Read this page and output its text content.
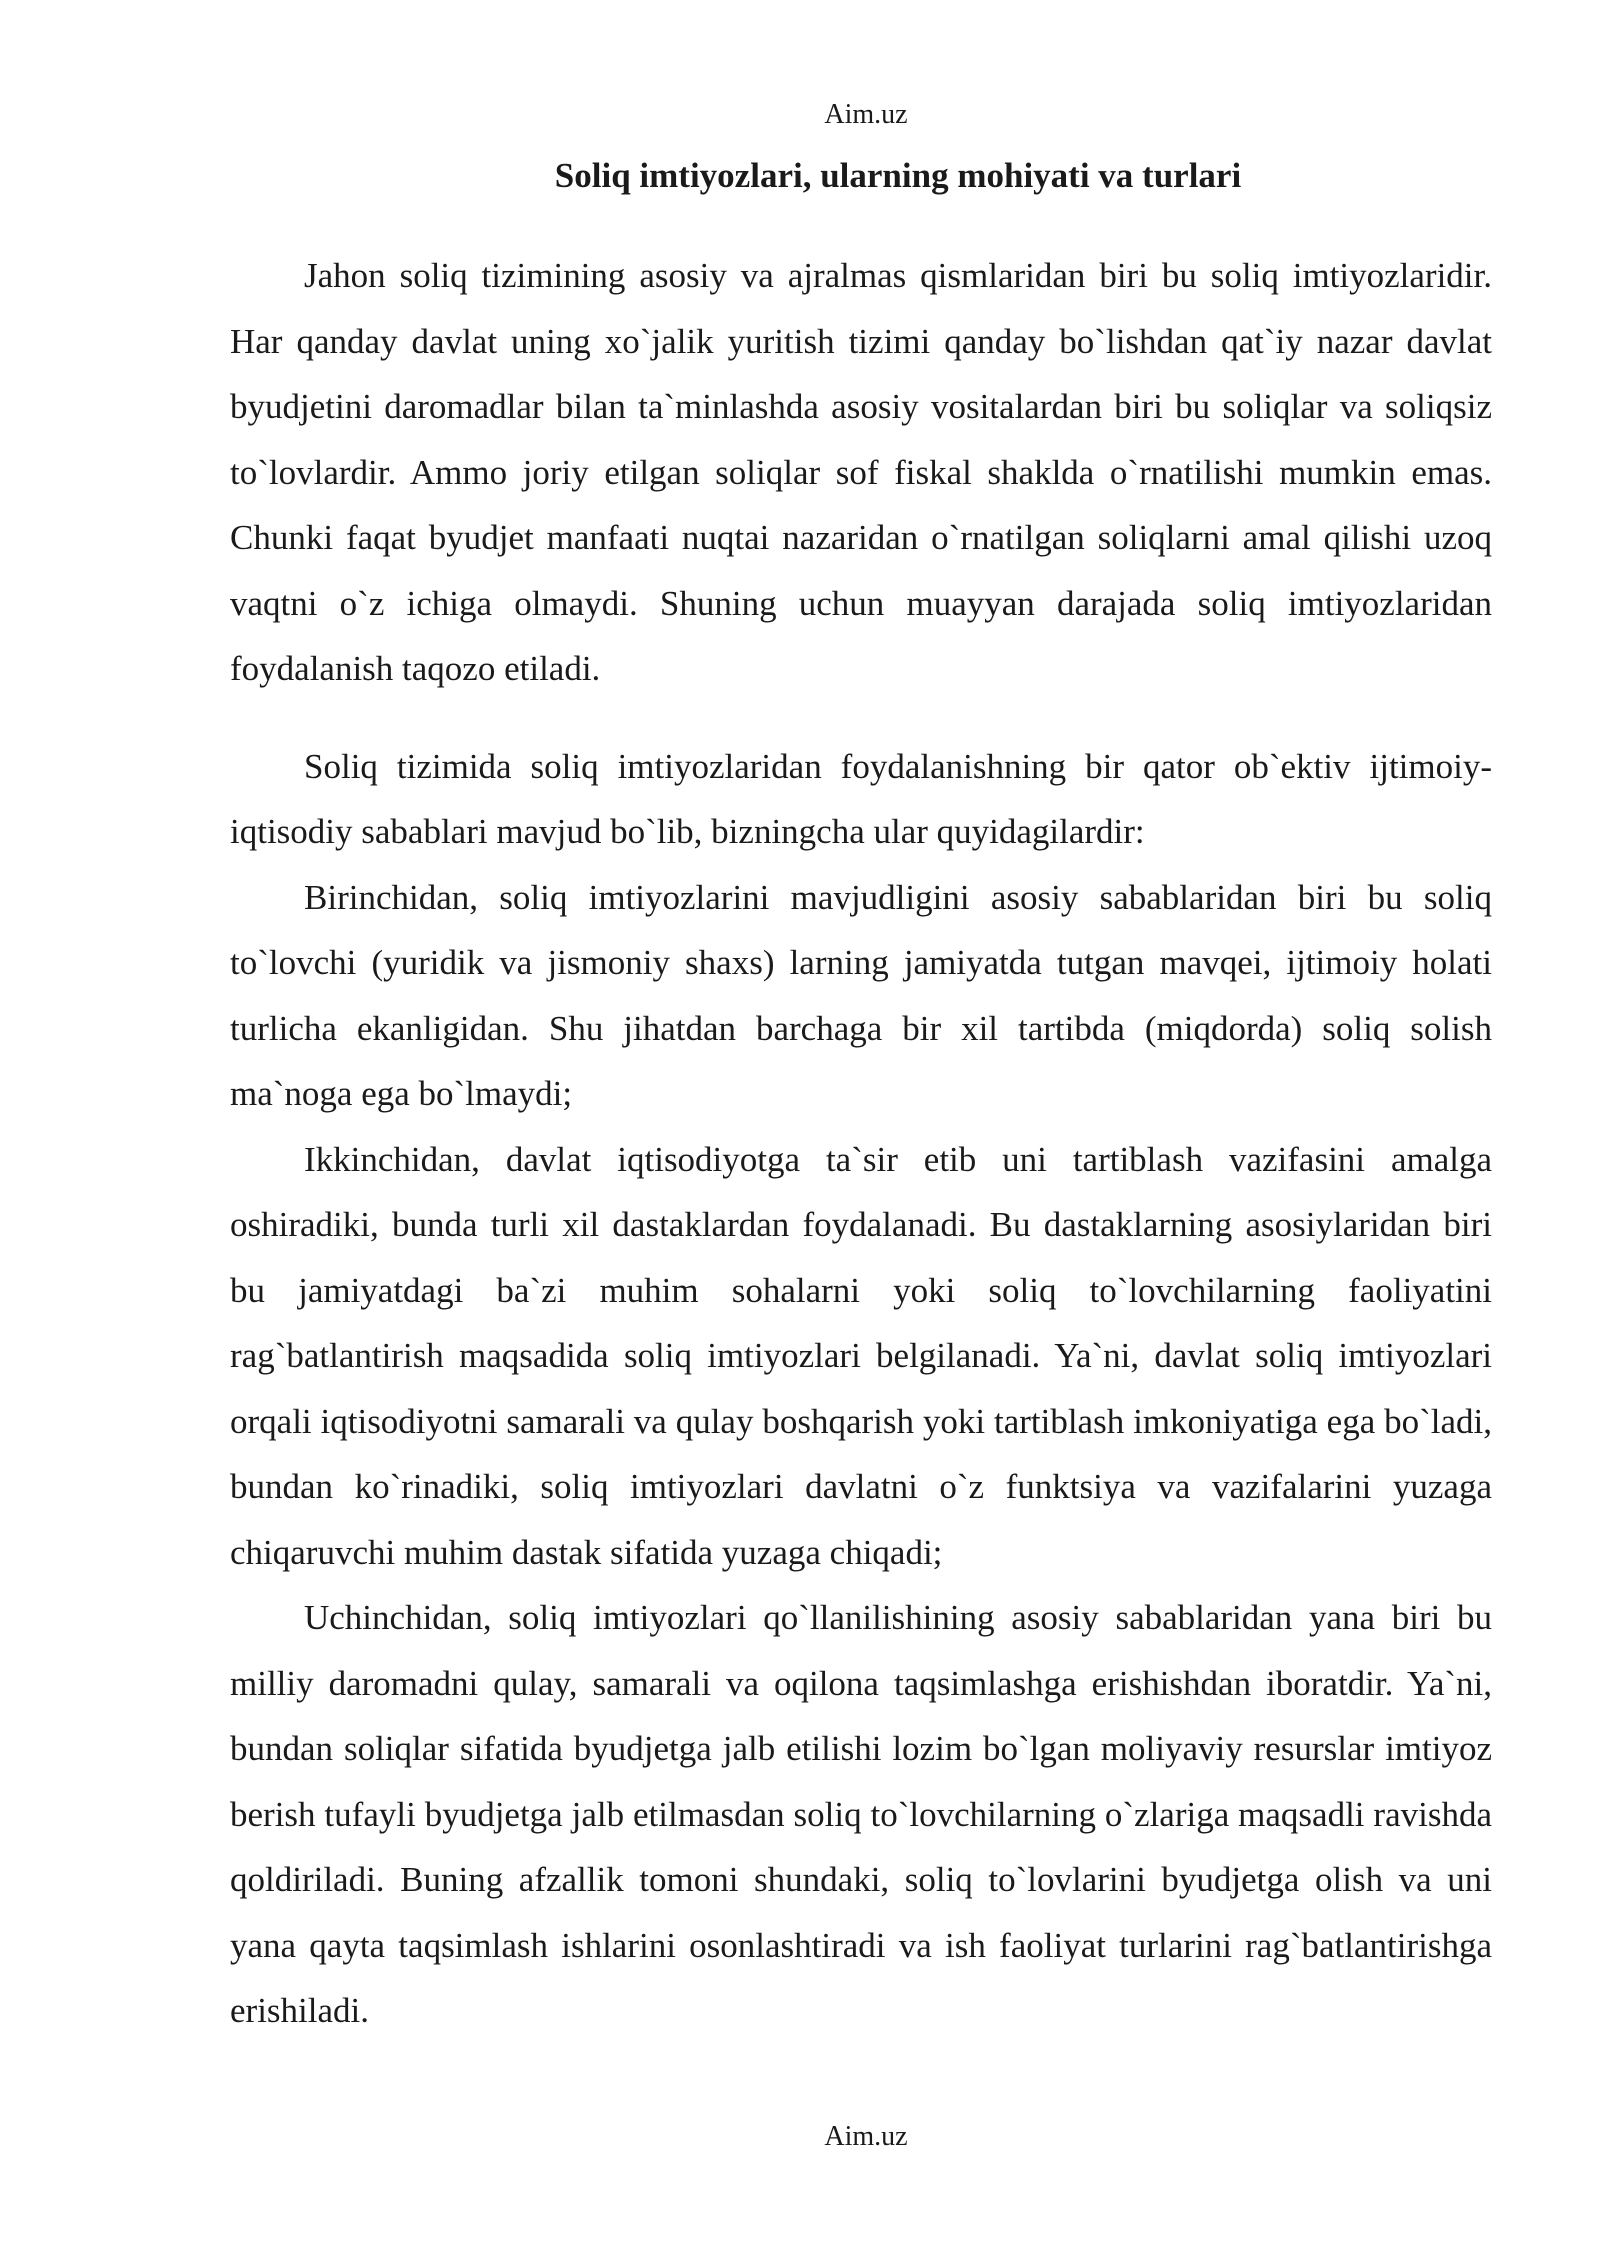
Aim.uz
Soliq imtiyozlari, ularning mohiyati va turlari

Jahon soliq tizimining asosiy va ajralmas qismlaridan biri bu soliq imtiyozlaridir. Har qanday davlat uning xo`jalik yuritish tizimi qanday bo`lishdan qat`iy nazar davlat byudjetini daromadlar bilan ta`minlashda asosiy vositalardan biri bu soliqlar va soliqsiz to`lovlardir. Ammo joriy etilgan soliqlar sof fiskal shaklda o`rnatilishi mumkin emas. Chunki faqat byudjet manfaati nuqtai nazaridan o`rnatilgan soliqlarni amal qilishi uzoq vaqtni o`z ichiga olmaydi. Shuning uchun muayyan darajada soliq imtiyozlaridan foydalanish taqozo etiladi.

Soliq tizimida soliq imtiyozlaridan foydalanishning bir qator ob`ektiv ijtimoiy-iqtisodiy sabablari mavjud bo`lib, bizningcha ular quyidagilardir:

Birinchidan, soliq imtiyozlarini mavjudligini asosiy sabablaridan biri bu soliq to`lovchi (yuridik va jismoniy shaxs) larning jamiyatda tutgan mavqei, ijtimoiy holati turlicha ekanligidan. Shu jihatdan barchaga bir xil tartibda (miqdorda) soliq solish ma`noga ega bo`lmaydi;

Ikkinchidan, davlat iqtisodiyotga ta`sir etib uni tartiblash vazifasini amalga oshiradiki, bunda turli xil dastaklardan foydalanadi. Bu dastaklarning asosiylaridan biri bu jamiyatdagi ba`zi muhim sohalarni yoki soliq to`lovchilarning faoliyatini rag`batlantirish maqsadida soliq imtiyozlari belgilanadi. Ya`ni, davlat soliq imtiyozlari orqali iqtisodiyotni samarali va qulay boshqarish yoki tartiblash imkoniyatiga ega bo`ladi, bundan ko`rinadiki, soliq imtiyozlari davlatni o`z funktsiya va vazifalarini yuzaga chiqaruvchi muhim dastak sifatida yuzaga chiqadi;

Uchinchidan, soliq imtiyozlari qo`llanilishining asosiy sabablaridan yana biri bu milliy daromadni qulay, samarali va oqilona taqsimlashga erishishdan iboratdir. Ya`ni, bundan soliqlar sifatida byudjetga jalb etilishi lozim bo`lgan moliyaviy resurslar imtiyoz berish tufayli byudjetga jalb etilmasdan soliq to`lovchilarning o`zlariga maqsadli ravishda qoldiriladi. Buning afzallik tomoni shundaki, soliq to`lovlarini byudjetga olish va uni yana qayta taqsimlash ishlarini osonlashtiradi va ish faoliyat turlarini rag`batlantirishga erishiladi.

Aim.uz
